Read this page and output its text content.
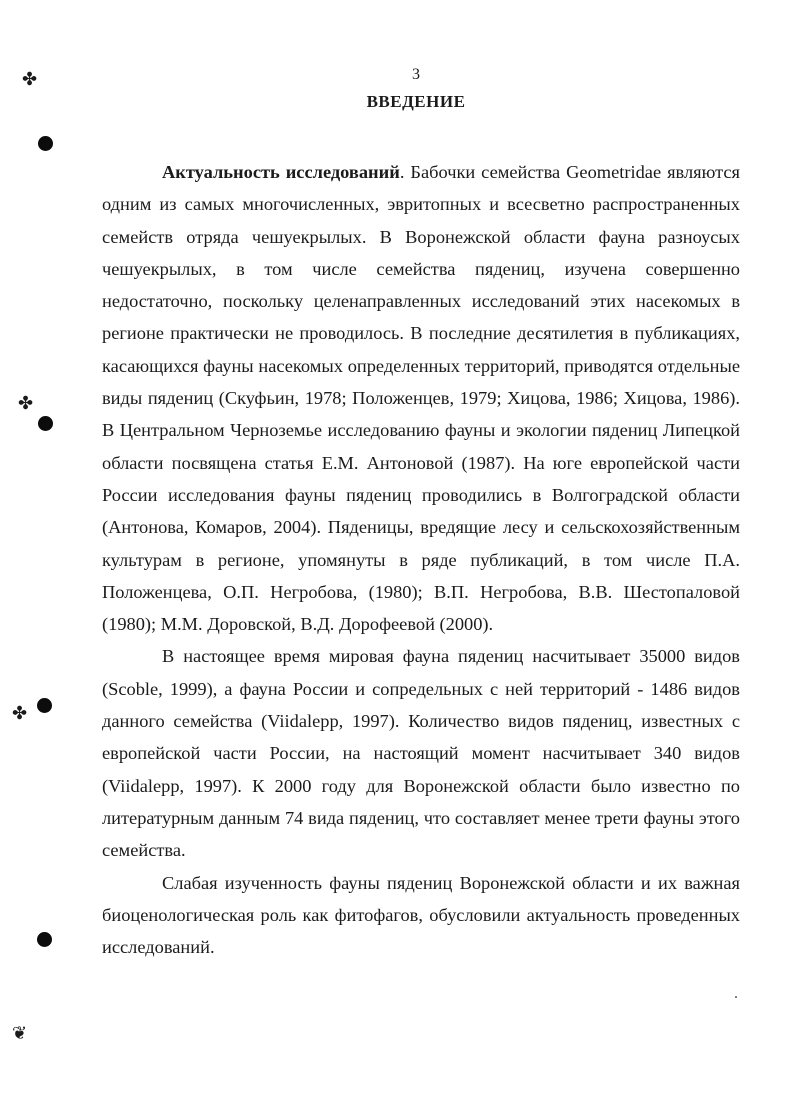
✤
✤
✤
❦
3
ВВЕДЕНИЕ

Актуальность исследований. Бабочки семейства Geometridae являются одним из самых многочисленных, эвритопных и всесветно распространенных семейств отряда чешуекрылых. В Воронежской области фауна разноусых чешуекрылых, в том числе семейства пядениц, изучена совершенно недостаточно, поскольку целенаправленных исследований этих насекомых в регионе практически не проводилось. В последние десятилетия в публикациях, касающихся фауны насекомых определенных территорий, приводятся отдельные виды пядениц (Скуфьин, 1978; Положенцев, 1979; Хицова, 1986; Хицова, 1986). В Центральном Черноземье исследованию фауны и экологии пядениц Липецкой области посвящена статья Е.М. Антоновой (1987). На юге европейской части России исследования фауны пядениц проводились в Волгоградской области (Антонова, Комаров, 2004). Пяденицы, вредящие лесу и сельскохозяйственным культурам в регионе, упомянуты в ряде публикаций, в том числе П.А. Положенцева, О.П. Негробова, (1980); В.П. Негробова, В.В. Шестопаловой (1980); М.М. Доровской, В.Д. Дорофеевой (2000).

В настоящее время мировая фауна пядениц насчитывает 35000 видов (Scoble, 1999), а фауна России и сопредельных с ней территорий - 1486 видов данного семейства (Viidalepp, 1997). Количество видов пядениц, известных с европейской части России, на настоящий момент насчитывает 340 видов (Viidalepp, 1997). К 2000 году для Воронежской области было известно по литературным данным 74 вида пядениц, что составляет менее трети фауны этого семейства.

Слабая изученность фауны пядениц Воронежской области и их важная биоценологическая роль как фитофагов, обусловили актуальность проведенных исследований.
